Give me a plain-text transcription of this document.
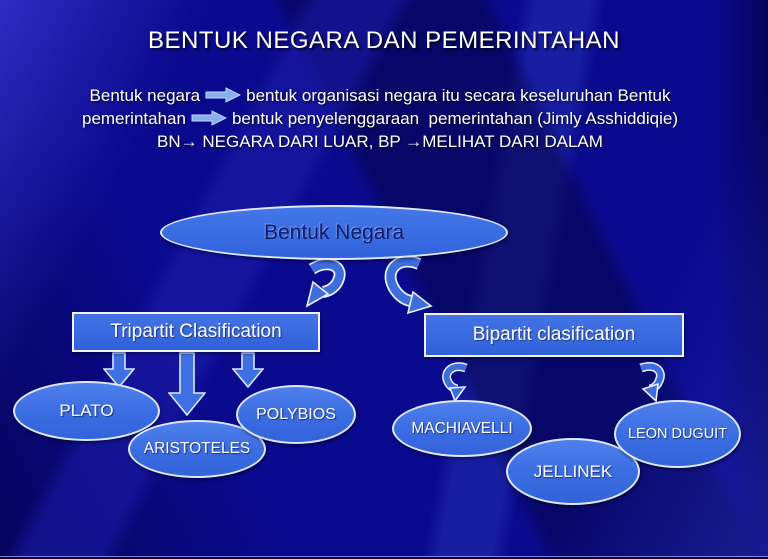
BENTUK NEGARA DAN PEMERINTAHAN
Bentuk negara	bentuk organisasi negara itu secara keseluruhan Bentuk
pemerintahan	bentuk penyelenggaraan  pemerintahan (Jimly Asshiddiqie)
BN→ NEGARA DARI LUAR, BP →MELIHAT DARI DALAM
Bentuk Negara
Tripartit Clasification	Bipartit clasification
PLATO
ARISTOTELES
POLYBIOS
MACHIAVELLI
JELLINEK
LEON DUGUIT
